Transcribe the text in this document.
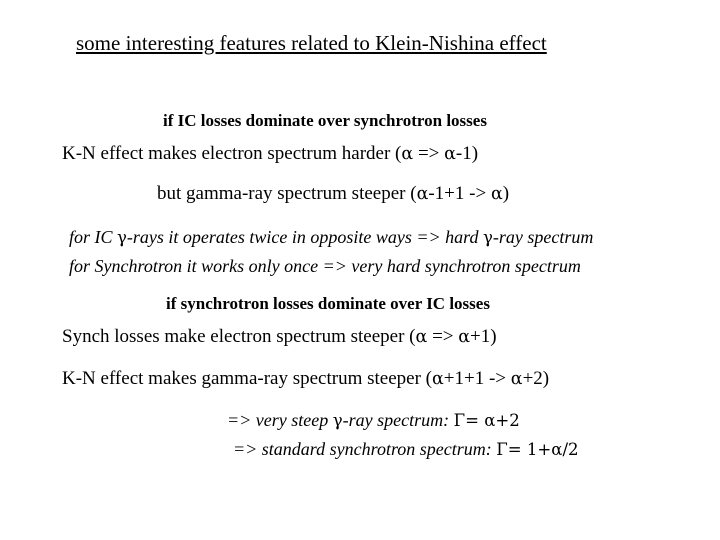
some interesting features related to Klein-Nishina effect
if IC losses dominate over synchrotron losses
K-N effect makes electron spectrum harder (α => α-1)
but gamma-ray spectrum steeper (α-1+1 -> α)
for IC γ-rays it operates twice in opposite ways => hard γ-ray spectrum
for Synchrotron it works only once => very hard synchrotron spectrum
if synchrotron losses dominate over IC losses
Synch losses make electron spectrum steeper (α => α+1)
K-N effect makes gamma-ray spectrum steeper (α+1+1 -> α+2)
=> very steep γ-ray spectrum: Γ= α+2
=> standard synchrotron spectrum: Γ= 1+α/2
